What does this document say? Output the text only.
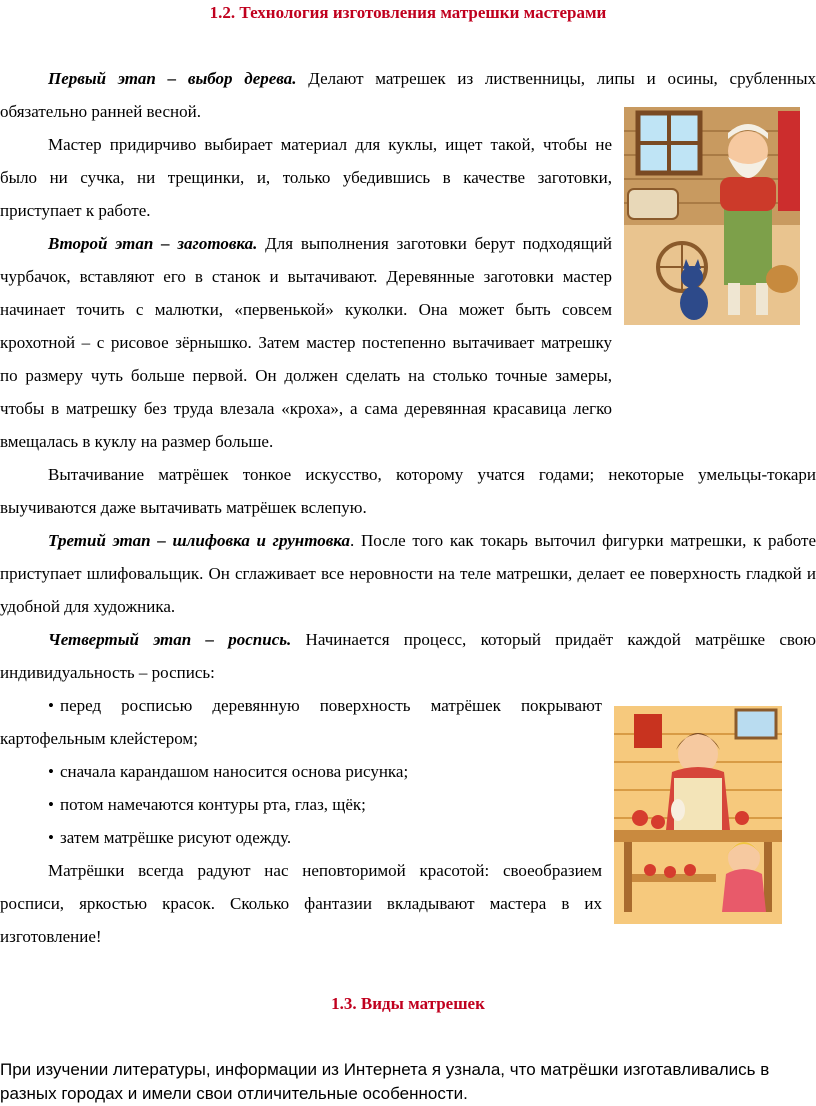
1.2. Технология изготовления матрешки мастерами
Первый этап – выбор дерева. Делают матрешек из лиственницы, липы и осины, срубленных обязательно ранней весной.
Мастер придирчиво выбирает материал для куклы, ищет такой, чтобы не было ни сучка, ни трещинки, и, только убедившись в качестве заготовки, приступает к работе.
Второй этап – заготовка. Для выполнения заготовки берут подходящий чурбачок, вставляют его в станок и вытачивают. Деревянные заготовки мастер начинает точить с малютки, «первенькой» куколки. Она может быть совсем крохотной – с рисовое зёрнышко. Затем мастер постепенно вытачивает матрешку по размеру чуть больше первой. Он должен сделать на столько точные замеры, чтобы в матрешку без труда влезала «кроха», а сама деревянная красавица легко вмещалась в куклу на размер больше.
Вытачивание матрёшек тонкое искусство, которому учатся годами; некоторые умельцы-токари выучиваются даже вытачивать матрёшек вслепую.
Третий этап – шлифовка и грунтовка. После того как токарь выточил фигурки матрешки, к работе приступает шлифовальщик. Он сглаживает все неровности на теле матрешки, делает ее поверхность гладкой и удобной для художника.
Четвертый этап – роспись. Начинается процесс, который придаёт каждой матрёшке свою индивидуальность – роспись:
• перед росписью деревянную поверхность матрёшек покрывают картофельным клейстером;
• сначала карандашом наносится основа рисунка;
• потом намечаются контуры рта, глаз, щёк;
• затем матрёшке рисуют одежду.
Матрёшки всегда радуют нас неповторимой красотой: своеобразием росписи, яркостью красок. Сколько фантазии вкладывают мастера в их изготовление!
1.3. Виды матрешек
При изучении литературы, информации из Интернета я узнала, что матрёшки изготавливались в разных городах и имели свои отличительные особенности.
